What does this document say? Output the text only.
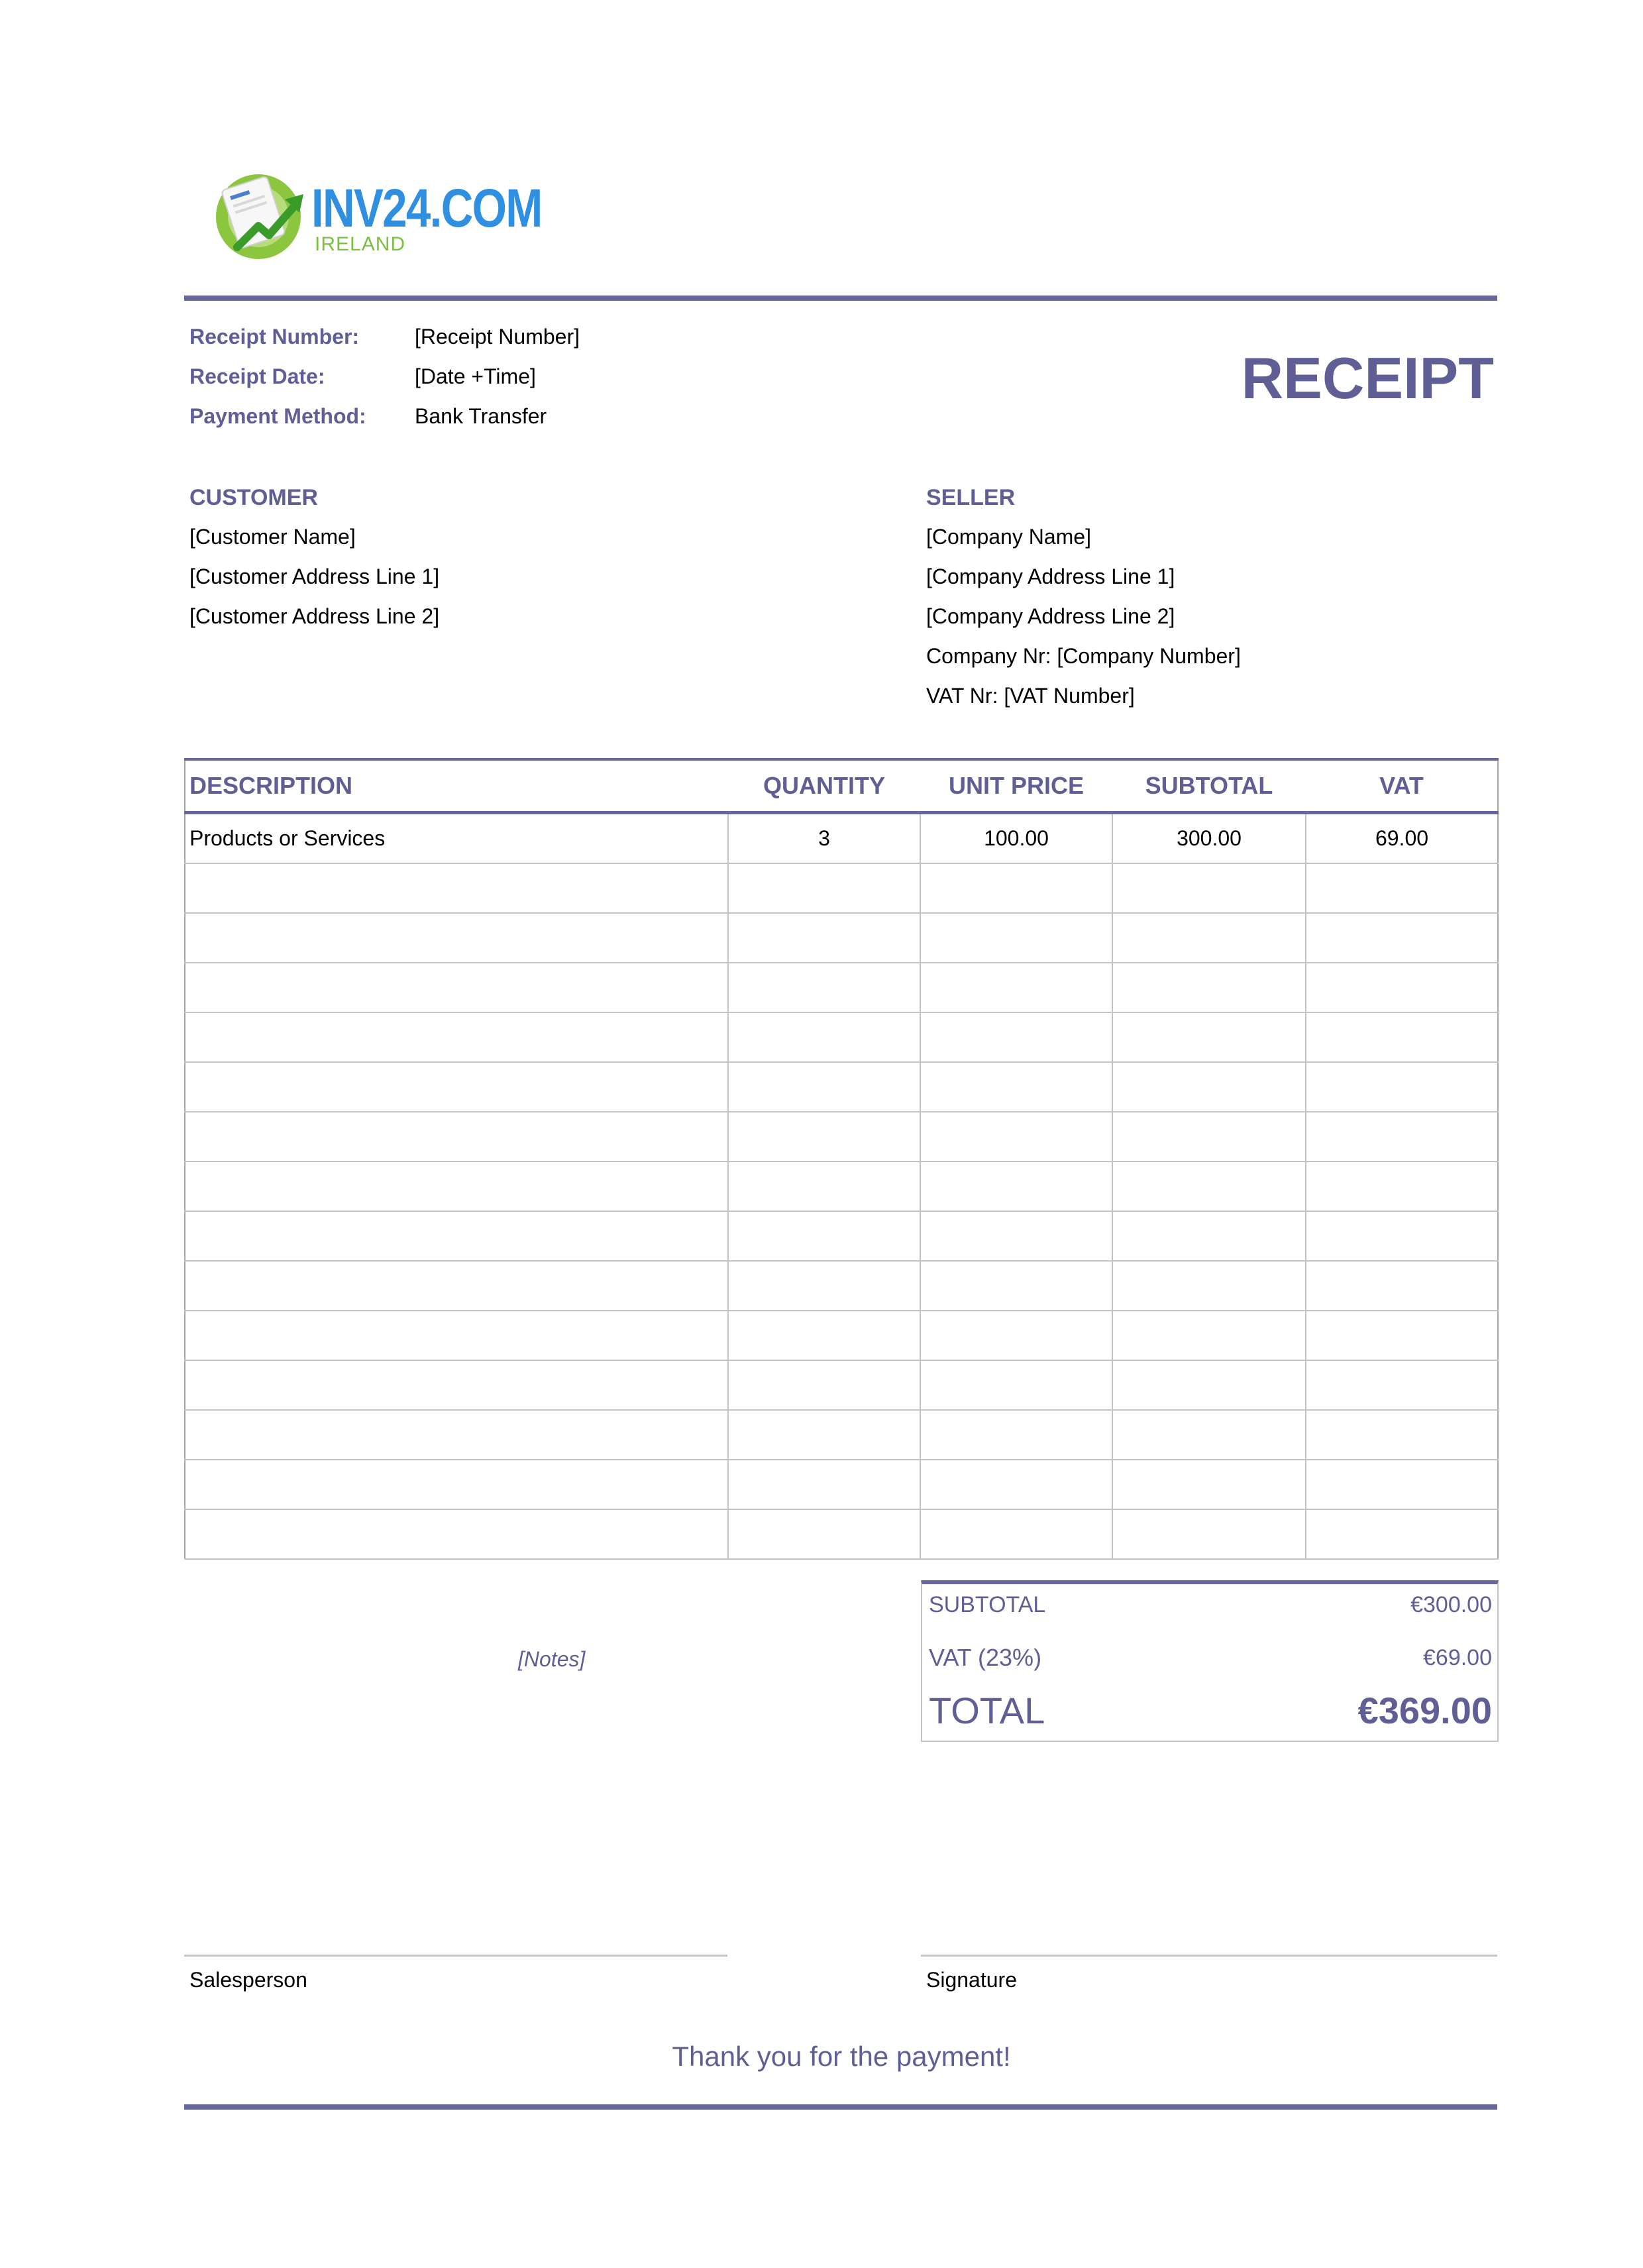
INV24.COM
IRELAND
Receipt Number:	[Receipt Number]
Receipt Date:	[Date +Time]
Payment Method: Bank Transfer
RECEIPT
CUSTOMER
[Customer Name]
[Customer Address Line 1]
[Customer Address Line 2]
SELLER
[Company Name]
[Company Address Line 1]
[Company Address Line 2]
Company Nr: [Company Number]
VAT Nr: [VAT Number]
DESCRIPTION	QUANTITY	UNIT PRICE	SUBTOTAL	VAT
Products or Services	3	100.00	300.00	69.00

SUBTOTAL	€300.00
VAT (23%)	€69.00
TOTAL	€369.00
[Notes]
Salesperson	Signature
Thank you for the payment!
